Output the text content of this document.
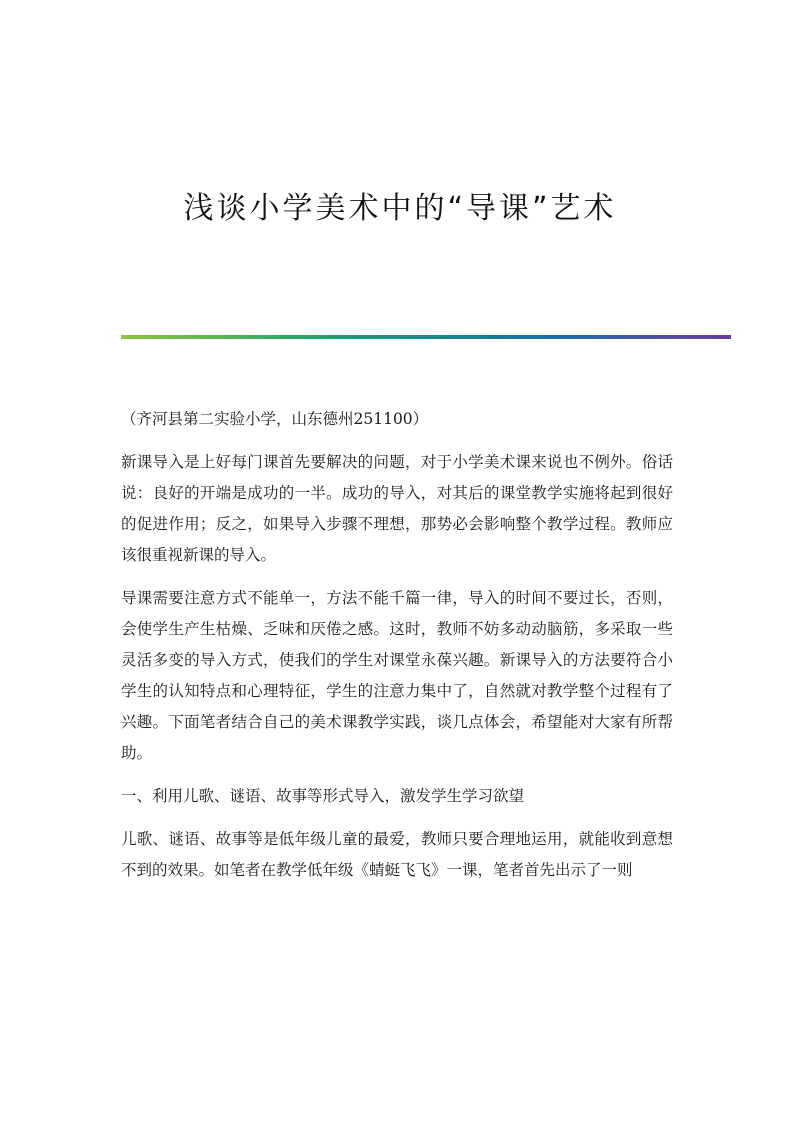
浅谈小学美术中的“导课”艺术

（齐河县第二实验小学，山东德州251100）

新课导入是上好每门课首先要解决的问题，对于小学美术课来说也不例外。俗话说：良好的开端是成功的一半。成功的导入，对其后的课堂教学实施将起到很好的促进作用；反之，如果导入步骤不理想，那势必会影响整个教学过程。教师应该很重视新课的导入。

导课需要注意方式不能单一，方法不能千篇一律，导入的时间不要过长，否则，会使学生产生枯燥、乏味和厌倦之感。这时，教师不妨多动动脑筋，多采取一些灵活多变的导入方式，使我们的学生对课堂永葆兴趣。新课导入的方法要符合小学生的认知特点和心理特征，学生的注意力集中了，自然就对教学整个过程有了兴趣。下面笔者结合自己的美术课教学实践，谈几点体会，希望能对大家有所帮助。

一、利用儿歌、谜语、故事等形式导入，激发学生学习欲望

儿歌、谜语、故事等是低年级儿童的最爱，教师只要合理地运用，就能收到意想不到的效果。如笔者在教学低年级《蜻蜓飞飞》一课，笔者首先出示了一则
